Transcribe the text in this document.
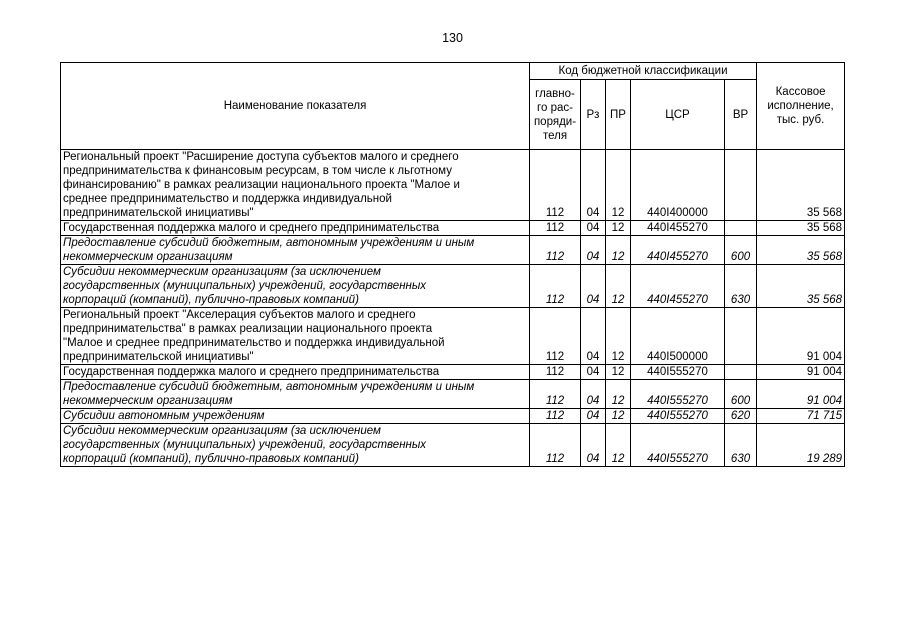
130
Наименование показателя	Код бюджетной классификации					Кассовое
исполнение,
тыс. руб.

	главно-
го рас-
поряди-
теля	Рз	ПР	ЦСР	ВР	

Региональный проект "Расширение доступа субъектов малого и среднего
предпринимательства к финансовым ресурсам, в том числе к льготному
финансированию" в рамках реализации национального проекта "Малое и
среднее предпринимательство и поддержка индивидуальной
предпринимательской инициативы"	112	04	12	440I400000		35 568

Государственная поддержка малого и среднего предпринимательства	112	04	12	440I455270		35 568

Предоставление субсидий бюджетным, автономным учреждениям и иным
некоммерческим организациям	112	04	12	440I455270	600	35 568

Субсидии некоммерческим организациям (за исключением
государственных (муниципальных) учреждений, государственных
корпораций (компаний), публично-правовых компаний)	112	04	12	440I455270	630	35 568

Региональный проект "Акселерация субъектов малого и среднего
предпринимательства" в рамках реализации национального проекта
"Малое и среднее предпринимательство и поддержка индивидуальной
предпринимательской инициативы"	112	04	12	440I500000		91 004

Государственная поддержка малого и среднего предпринимательства	112	04	12	440I555270		91 004

Предоставление субсидий бюджетным, автономным учреждениям и иным
некоммерческим организациям	112	04	12	440I555270	600	91 004

Субсидии автономным учреждениям	112	04	12	440I555270	620	71 715

Субсидии некоммерческим организациям (за исключением
государственных (муниципальных) учреждений, государственных
корпораций (компаний), публично-правовых компаний)	112	04	12	440I555270	630	19 289
